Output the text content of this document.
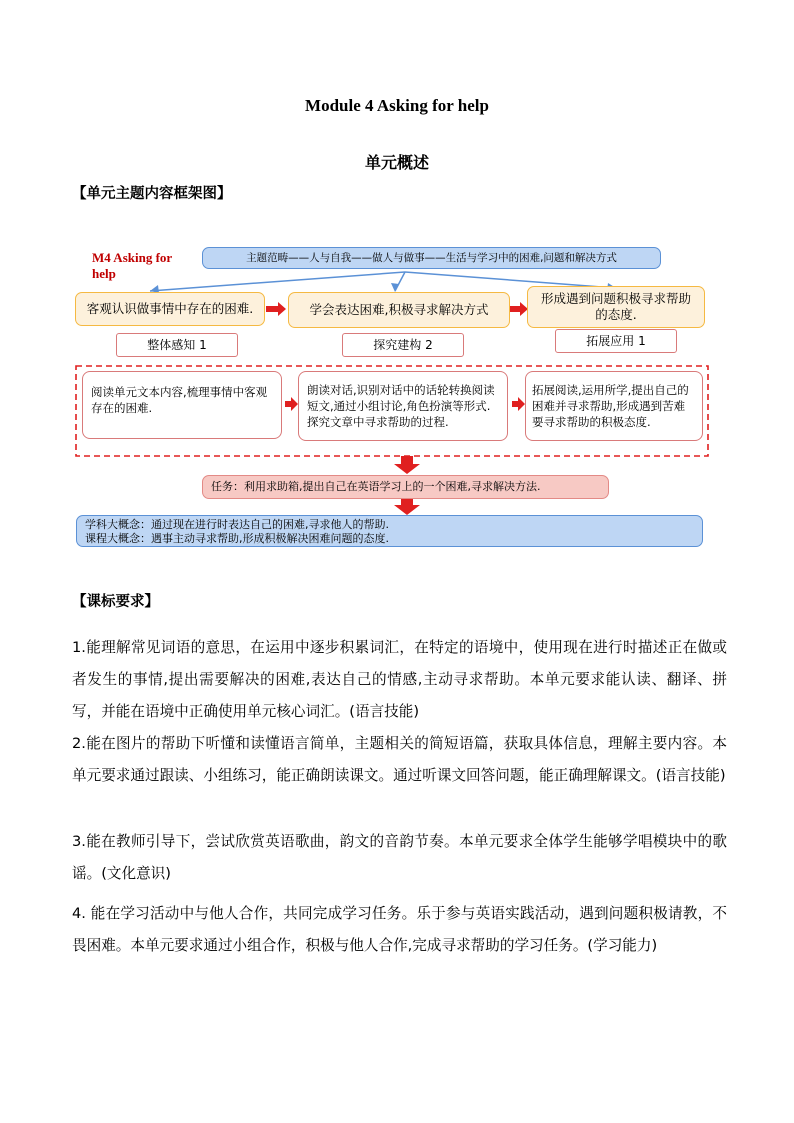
Module 4 Asking for help
单元概述
【单元主题内容框架图】
M4 Asking for help
主题范畴——人与自我——做人与做事——生活与学习中的困难,问题和解决方式
客观认识做事情中存在的困难.	学会表达困难,积极寻求解决方式
形成遇到问题积极寻求帮助的态度.
整体感知 1	探究建构 2	拓展应用 1
阅读单元文本内容,梳理事情中客观存在的困难.
朗读对话,识别对话中的话轮转换阅读短文,通过小组讨论,角色扮演等形式.探究文章中寻求帮助的过程.
拓展阅读,运用所学,提出自己的困难并寻求帮助,形成遇到苦难要寻求帮助的积极态度.
任务：利用求助箱,提出自己在英语学习上的一个困难,寻求解决方法.
学科大概念：通过现在进行时表达自己的困难,寻求他人的帮助.
课程大概念：遇事主动寻求帮助,形成积极解决困难问题的态度.
【课标要求】
1.能理解常见词语的意思，在运用中逐步积累词汇，在特定的语境中，使用现在进行时描述正在做或者发生的事情,提出需要解决的困难,表达自己的情感,主动寻求帮助。本单元要求能认读、翻译、拼写，并能在语境中正确使用单元核心词汇。(语言技能)
2.能在图片的帮助下听懂和读懂语言简单，主题相关的简短语篇，获取具体信息，理解主要内容。本单元要求通过跟读、小组练习，能正确朗读课文。通过听课文回答问题，能正确理解课文。(语言技能)
3.能在教师引导下，尝试欣赏英语歌曲，韵文的音韵节奏。本单元要求全体学生能够学唱模块中的歌谣。(文化意识)
4. 能在学习活动中与他人合作，共同完成学习任务。乐于参与英语实践活动，遇到问题积极请教，不畏困难。本单元要求通过小组合作，积极与他人合作,完成寻求帮助的学习任务。(学习能力)
